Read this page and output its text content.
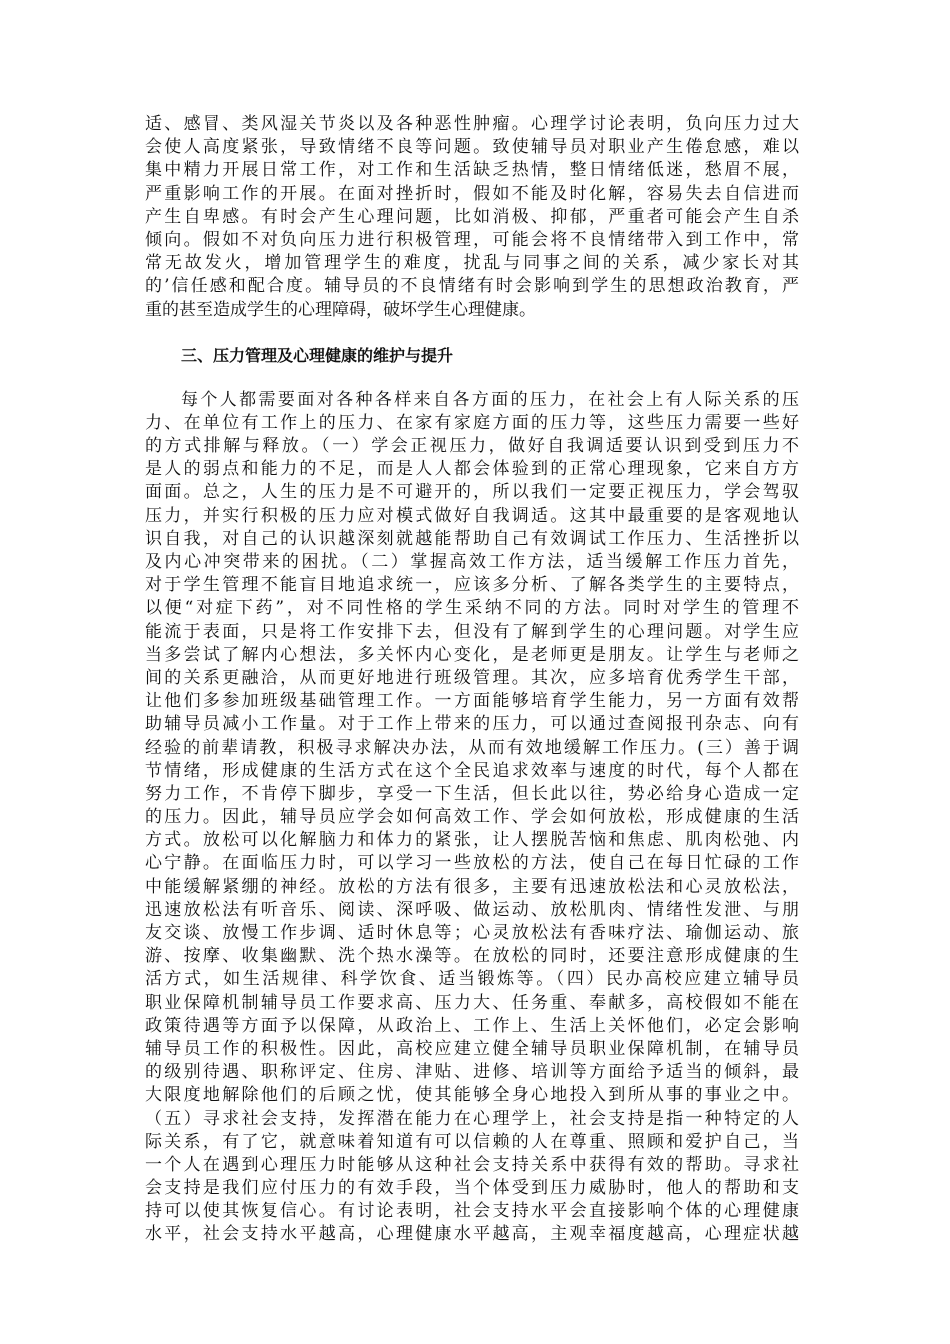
适、感冒、类风湿关节炎以及各种恶性肿瘤。心理学讨论表明，负向压力过大
会使人高度紧张，导致情绪不良等问题。致使辅导员对职业产生倦怠感，难以
集中精力开展日常工作，对工作和生活缺乏热情，整日情绪低迷，愁眉不展，
严重影响工作的开展。在面对挫折时，假如不能及时化解，容易失去自信进而
产生自卑感。有时会产生心理问题，比如消极、抑郁，严重者可能会产生自杀
倾向。假如不对负向压力进行积极管理，可能会将不良情绪带入到工作中，常
常无故发火，增加管理学生的难度，扰乱与同事之间的关系，减少家长对其
的’信任感和配合度。辅导员的不良情绪有时会影响到学生的思想政治教育，严
重的甚至造成学生的心理障碍，破坏学生心理健康。
三、压力管理及心理健康的维护与提升
每个人都需要面对各种各样来自各方面的压力，在社会上有人际关系的压
力、在单位有工作上的压力、在家有家庭方面的压力等，这些压力需要一些好
的方式排解与释放。（一）学会正视压力，做好自我调适要认识到受到压力不
是人的弱点和能力的不足，而是人人都会体验到的正常心理现象，它来自方方
面面。总之，人生的压力是不可避开的，所以我们一定要正视压力，学会驾驭
压力，并实行积极的压力应对模式做好自我调适。这其中最重要的是客观地认
识自我，对自己的认识越深刻就越能帮助自己有效调试工作压力、生活挫折以
及内心冲突带来的困扰。（二）掌握高效工作方法，适当缓解工作压力首先，
对于学生管理不能盲目地追求统一，应该多分析、了解各类学生的主要特点，
以便“对症下药”，对不同性格的学生采纳不同的方法。同时对学生的管理不
能流于表面，只是将工作安排下去，但没有了解到学生的心理问题。对学生应
当多尝试了解内心想法，多关怀内心变化，是老师更是朋友。让学生与老师之
间的关系更融洽，从而更好地进行班级管理。其次，应多培育优秀学生干部，
让他们多参加班级基础管理工作。一方面能够培育学生能力，另一方面有效帮
助辅导员减小工作量。对于工作上带来的压力，可以通过查阅报刊杂志、向有
经验的前辈请教，积极寻求解决办法，从而有效地缓解工作压力。(三）善于调
节情绪，形成健康的生活方式在这个全民追求效率与速度的时代，每个人都在
努力工作，不肯停下脚步，享受一下生活，但长此以往，势必给身心造成一定
的压力。因此，辅导员应学会如何高效工作、学会如何放松，形成健康的生活
方式。放松可以化解脑力和体力的紧张，让人摆脱苦恼和焦虑、肌肉松弛、内
心宁静。在面临压力时，可以学习一些放松的方法，使自己在每日忙碌的工作
中能缓解紧绷的神经。放松的方法有很多，主要有迅速放松法和心灵放松法，
迅速放松法有听音乐、阅读、深呼吸、做运动、放松肌肉、情绪性发泄、与朋
友交谈、放慢工作步调、适时休息等；心灵放松法有香味疗法、瑜伽运动、旅
游、按摩、收集幽默、洗个热水澡等。在放松的同时，还要注意形成健康的生
活方式，如生活规律、科学饮食、适当锻炼等。（四）民办高校应建立辅导员
职业保障机制辅导员工作要求高、压力大、任务重、奉献多，高校假如不能在
政策待遇等方面予以保障，从政治上、工作上、生活上关怀他们，必定会影响
辅导员工作的积极性。因此，高校应建立健全辅导员职业保障机制，在辅导员
的级别待遇、职称评定、住房、津贴、进修、培训等方面给予适当的倾斜，最
大限度地解除他们的后顾之忧，使其能够全身心地投入到所从事的事业之中。
（五）寻求社会支持，发挥潜在能力在心理学上，社会支持是指一种特定的人
际关系，有了它，就意味着知道有可以信赖的人在尊重、照顾和爱护自己，当
一个人在遇到心理压力时能够从这种社会支持关系中获得有效的帮助。寻求社
会支持是我们应付压力的有效手段，当个体受到压力威胁时，他人的帮助和支
持可以使其恢复信心。有讨论表明，社会支持水平会直接影响个体的心理健康
水平，社会支持水平越高，心理健康水平越高，主观幸福度越高，心理症状越
